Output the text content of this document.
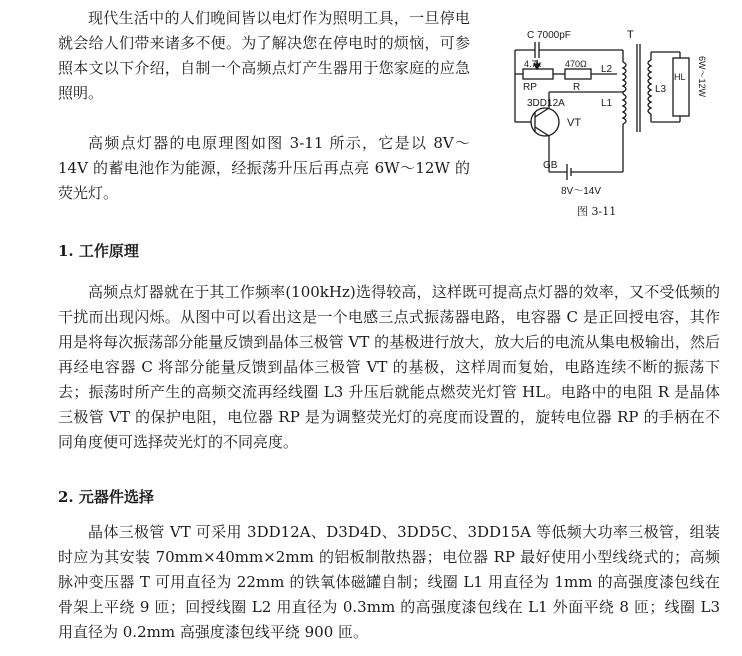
现代生活中的人们晚间皆以电灯作为照明工具，一旦停电就会给人们带来诸多不便。为了解决您在停电时的烦恼，可参照本文以下介绍，自制一个高频点灯产生器用于您家庭的应急照明。

高频点灯器的电原理图如图 3-11 所示，它是以 8V～14V 的蓄电池作为能源，经振荡升压后再点亮 6W～12W 的荧光灯。

C 7000pF	T
4.7k	470Ω
RP	R
3DD12A
VT
L2
L1
L3
HL 6W～12W
GB
8V～14V
图 3-11
1. 工作原理

高频点灯器就在于其工作频率(100kHz)选得较高，这样既可提高点灯器的效率，又不受低频的干扰而出现闪烁。从图中可以看出这是一个电感三点式振荡器电路，电容器 C 是正回授电容，其作用是将每次振荡部分能量反馈到晶体三极管 VT 的基极进行放大，放大后的电流从集电极输出，然后再经电容器 C 将部分能量反馈到晶体三极管 VT 的基极，这样周而复始，电路连续不断的振荡下去；振荡时所产生的高频交流再经线圈 L3 升压后就能点燃荧光灯管 HL。电路中的电阻 R 是晶体三极管 VT 的保护电阻，电位器 RP 是为调整荧光灯的亮度而设置的，旋转电位器 RP 的手柄在不同角度便可选择荧光灯的不同亮度。

2. 元器件选择

晶体三极管 VT 可采用 3DD12A、D3D4D、3DD5C、3DD15A 等低频大功率三极管，组装时应为其安装 70mm×40mm×2mm 的铝板制散热器；电位器 RP 最好使用小型线绕式的；高频脉冲变压器 T 可用直径为 22mm 的铁氧体磁罐自制；线圈 L1 用直径为 1mm 的高强度漆包线在骨架上平绕 9 匝；回授线圈 L2 用直径为 0.3mm 的高强度漆包线在 L1 外面平绕 8 匝；线圈 L3 用直径为 0.2mm 高强度漆包线平绕 900 匝。
